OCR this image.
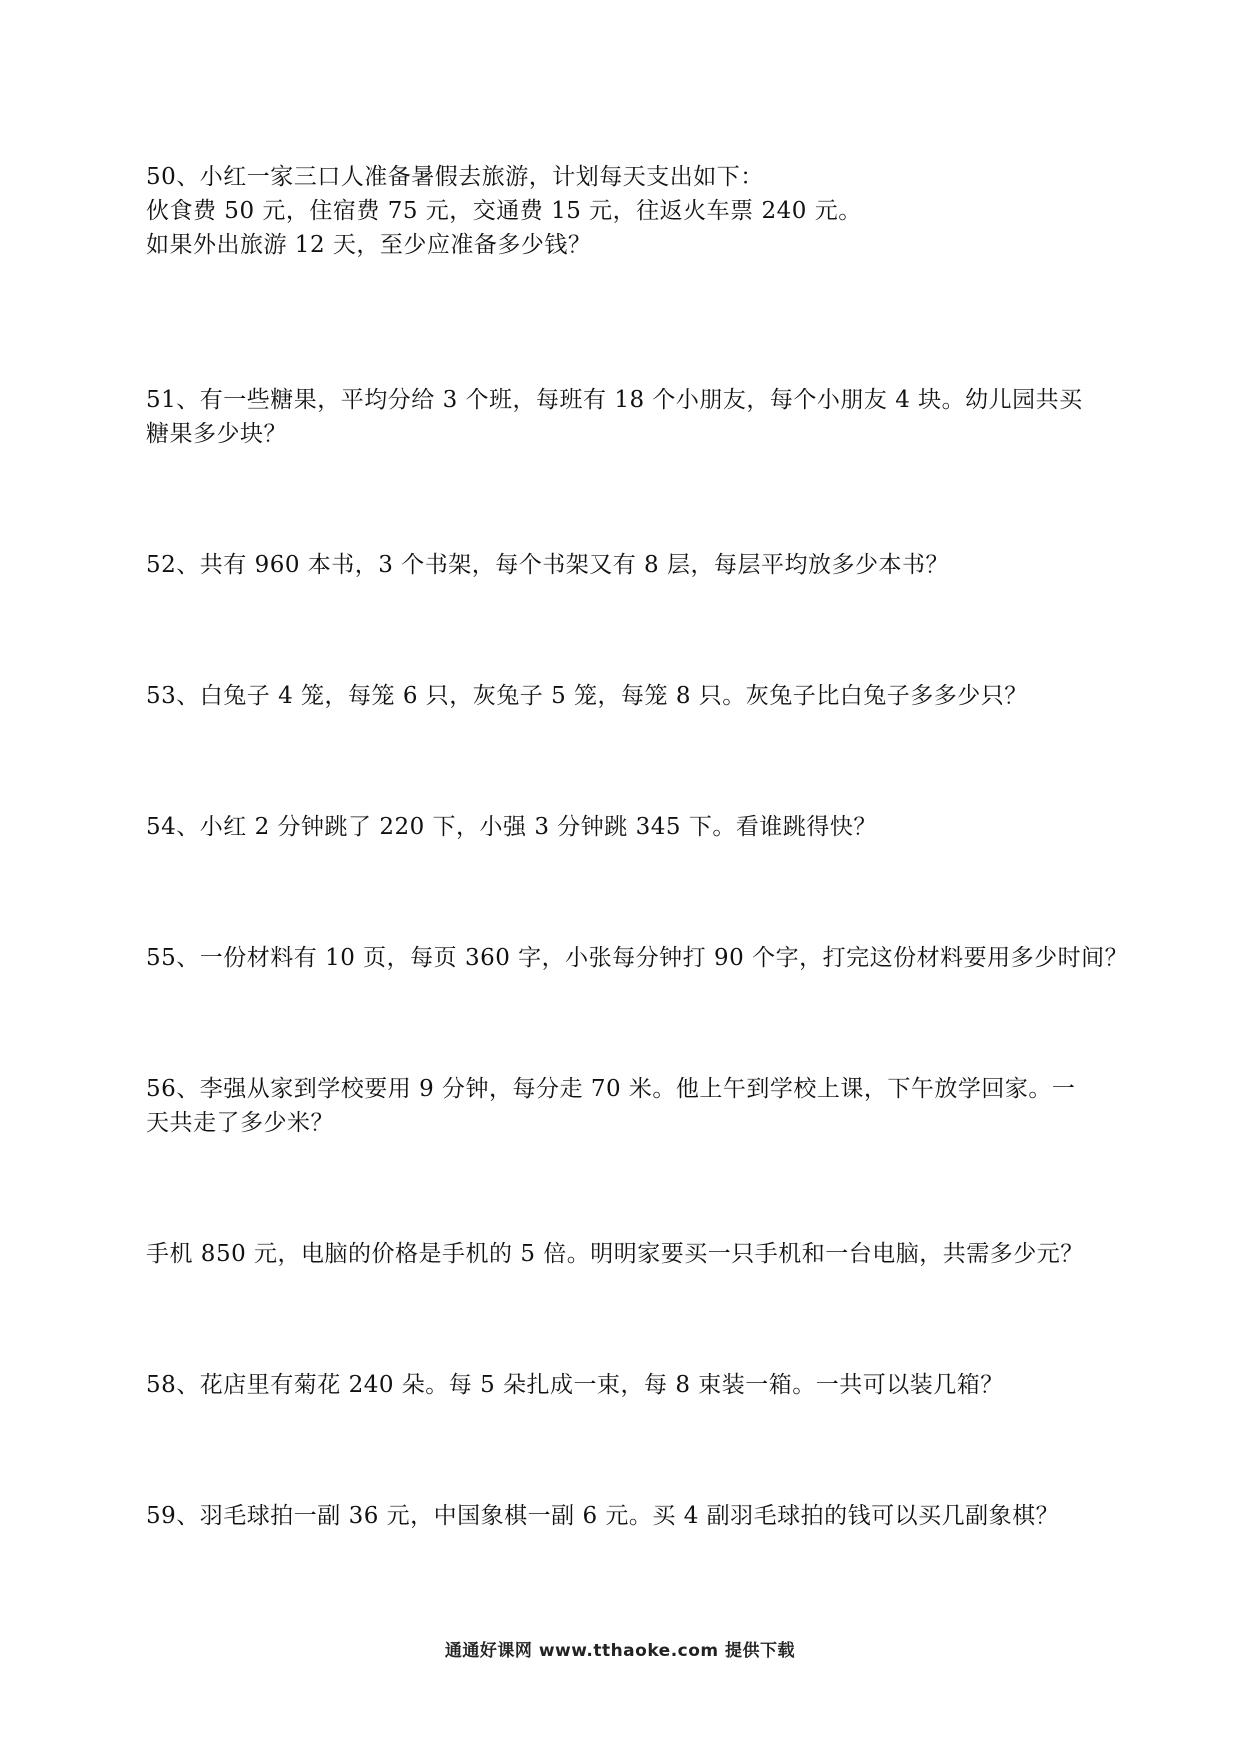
50、小红一家三口人准备暑假去旅游，计划每天支出如下：
伙食费 50 元，住宿费 75 元，交通费 15 元，往返火车票 240 元。
如果外出旅游 12 天，至少应准备多少钱？
51、有一些糖果，平均分给 3 个班，每班有 18 个小朋友，每个小朋友 4 块。幼儿园共买
糖果多少块？
52、共有 960 本书，3 个书架，每个书架又有 8 层，每层平均放多少本书？
53、白兔子 4 笼，每笼 6 只，灰兔子 5 笼，每笼 8 只。灰兔子比白兔子多多少只？
54、小红 2 分钟跳了 220 下，小强 3 分钟跳 345 下。看谁跳得快？
55、一份材料有 10 页，每页 360 字，小张每分钟打 90 个字，打完这份材料要用多少时间？
56、李强从家到学校要用 9 分钟，每分走 70 米。他上午到学校上课，下午放学回家。一
天共走了多少米？
手机 850 元，电脑的价格是手机的 5 倍。明明家要买一只手机和一台电脑，共需多少元？
58、花店里有菊花 240 朵。每 5 朵扎成一束，每 8 束装一箱。一共可以装几箱？
59、羽毛球拍一副 36 元，中国象棋一副 6 元。买 4 副羽毛球拍的钱可以买几副象棋？
通通好课网 www.tthaoke.com 提供下载
